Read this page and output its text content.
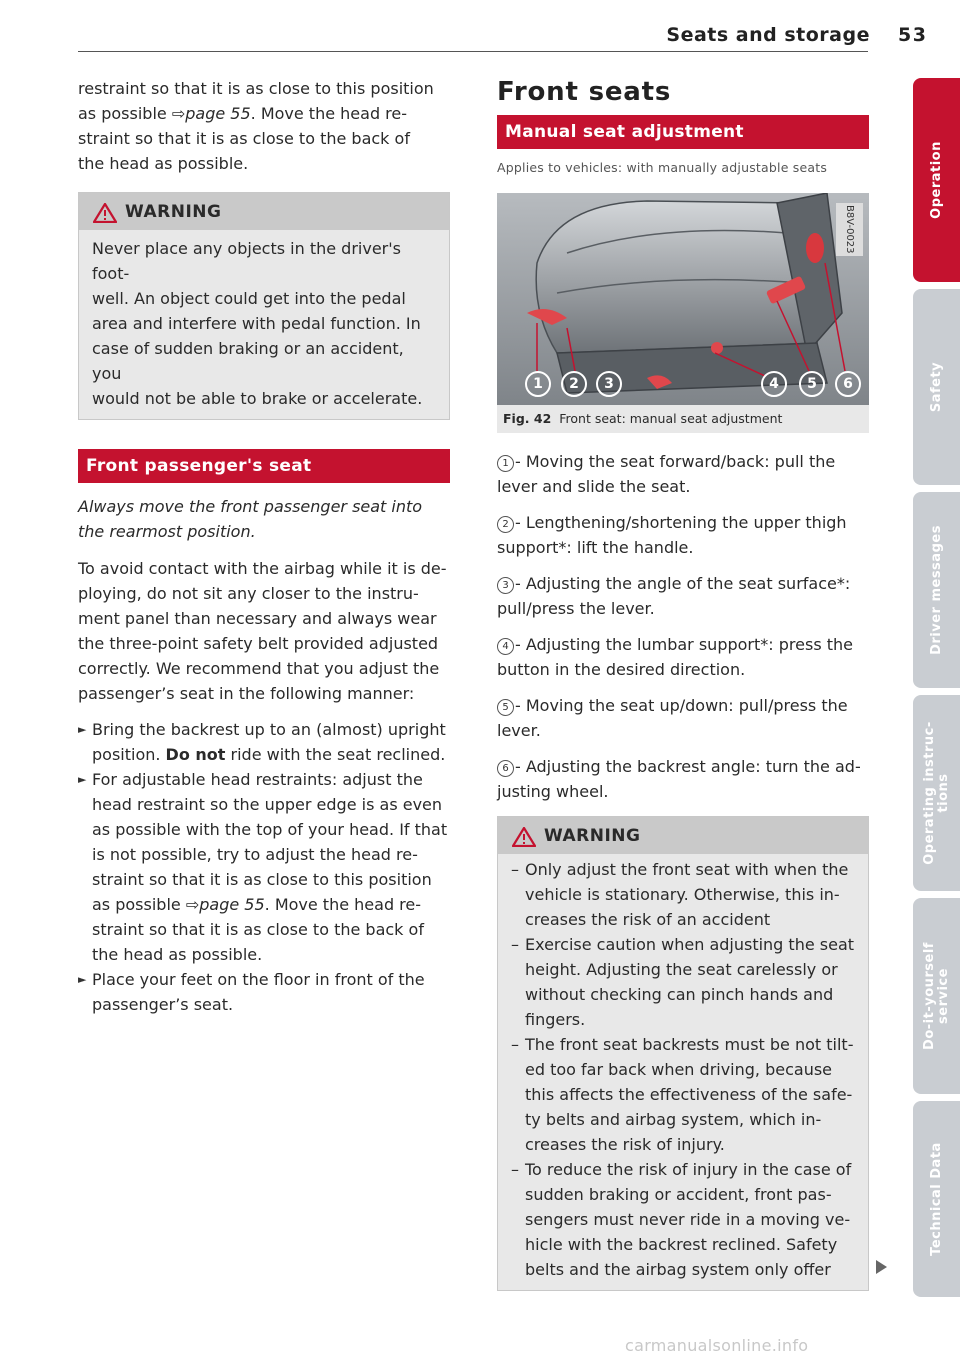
Seats and storage 53

restraint so that it is as close to this position
as possible ⇨page 55. Move the head re-
straint so that it is as close to the back of
the head as possible.

WARNING
Never place any objects in the driver's foot-
well. An object could get into the pedal
area and interfere with pedal function. In
case of sudden braking or an accident, you
would not be able to brake or accelerate.
Front passenger's seat

Always move the front passenger seat into
the rearmost position.

To avoid contact with the airbag while it is de-
ploying, do not sit any closer to the instru-
ment panel than necessary and always wear
the three-point safety belt provided adjusted
correctly. We recommend that you adjust the
passenger’s seat in the following manner:

► Bring the backrest up to an (almost) upright
position. Do not ride with the seat reclined.
► For adjustable head restraints: adjust the
head restraint so the upper edge is as even
as possible with the top of your head. If that
is not possible, try to adjust the head re-
straint so that it is as close to this position
as possible ⇨page 55. Move the head re-
straint so that it is as close to the back of
the head as possible.
► Place your feet on the floor in front of the
passenger’s seat.
Front seats
Manual seat adjustment
Applies to vehicles: with manually adjustable seats
B8V-0023
1	2	3	4	5	6
Fig. 42 Front seat: manual seat adjustment

1 - Moving the seat forward/back: pull the
lever and slide the seat.

2 - Lengthening/shortening the upper thigh
support*: lift the handle.

3 - Adjusting the angle of the seat surface*:
pull/press the lever.

4 - Adjusting the lumbar support*: press the
button in the desired direction.

5 - Moving the seat up/down: pull/press the
lever.

6 - Adjusting the backrest angle: turn the ad-
justing wheel.

WARNING
– Only adjust the front seat with when the
vehicle is stationary. Otherwise, this in-
creases the risk of an accident
– Exercise caution when adjusting the seat
height. Adjusting the seat carelessly or
without checking can pinch hands and
fingers.
– The front seat backrests must be not tilt-
ed too far back when driving, because
this affects the effectiveness of the safe-
ty belts and airbag system, which in-
creases the risk of injury.
– To reduce the risk of injury in the case of
sudden braking or accident, front pas-
sengers must never ride in a moving ve-
hicle with the backrest reclined. Safety
belts and the airbag system only offer
Operation
Safety
Driver messages
Operating instruc-
tions
Do-it-yourself
service
Technical Data
carmanualsonline.info
